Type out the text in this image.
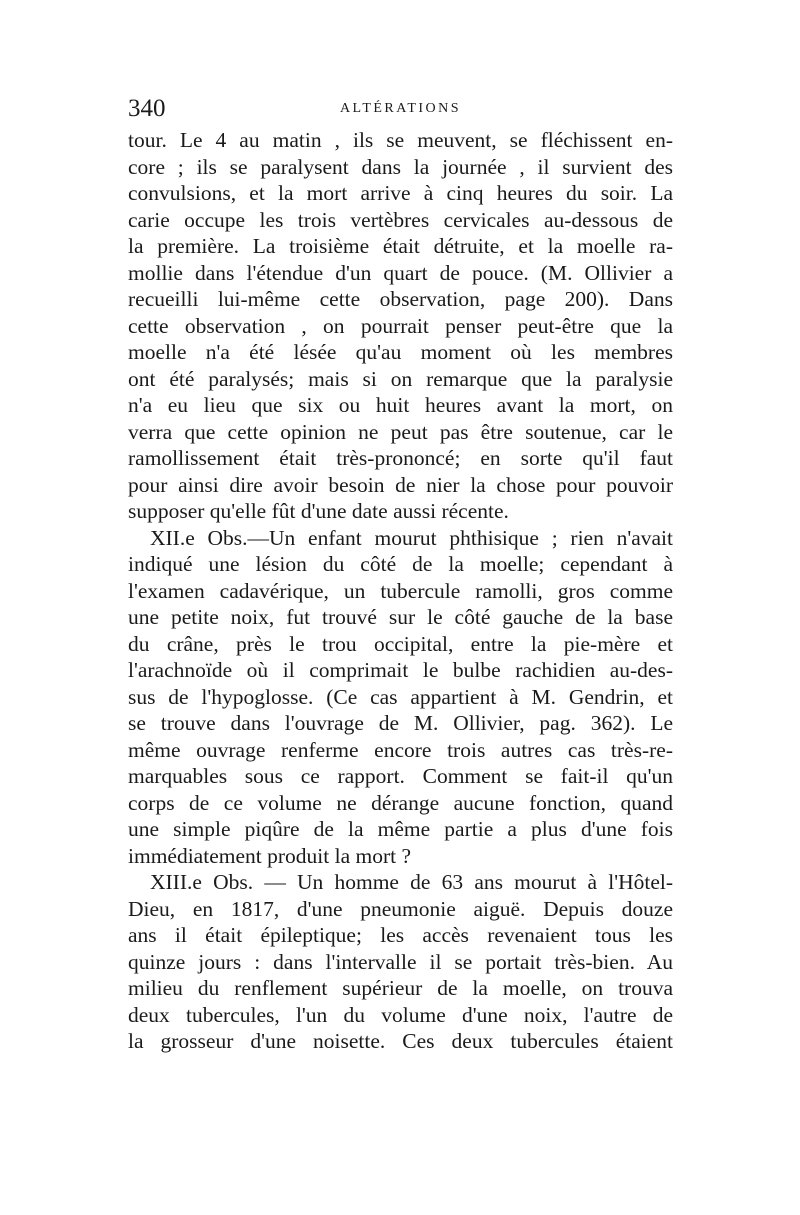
340	ALTÉRATIONS
tour. Le 4 au matin , ils se meuvent, se fléchissent en-
core ; ils se paralysent dans la journée , il survient des
convulsions, et la mort arrive à cinq heures du soir. La
carie occupe les trois vertèbres cervicales au-dessous de
la première. La troisième était détruite, et la moelle ra-
mollie dans l'étendue d'un quart de pouce. (M. Ollivier a
recueilli lui-même cette observation, page 200). Dans
cette observation , on pourrait penser peut-être que la
moelle n'a été lésée qu'au moment où les membres
ont été paralysés; mais si on remarque que la paralysie
n'a eu lieu que six ou huit heures avant la mort, on
verra que cette opinion ne peut pas être soutenue, car le
ramollissement était très-prononcé; en sorte qu'il faut
pour ainsi dire avoir besoin de nier la chose pour pouvoir
supposer qu'elle fût d'une date aussi récente.
XII.e Obs.—Un enfant mourut phthisique ; rien n'avait
indiqué une lésion du côté de la moelle; cependant à
l'examen cadavérique, un tubercule ramolli, gros comme
une petite noix, fut trouvé sur le côté gauche de la base
du crâne, près le trou occipital, entre la pie-mère et
l'arachnoïde où il comprimait le bulbe rachidien au-des-
sus de l'hypoglosse. (Ce cas appartient à M. Gendrin, et
se trouve dans l'ouvrage de M. Ollivier, pag. 362). Le
même ouvrage renferme encore trois autres cas très-re-
marquables sous ce rapport. Comment se fait-il qu'un
corps de ce volume ne dérange aucune fonction, quand
une simple piqûre de la même partie a plus d'une fois
immédiatement produit la mort ?
XIII.e Obs. — Un homme de 63 ans mourut à l'Hôtel-
Dieu, en 1817, d'une pneumonie aiguë. Depuis douze
ans il était épileptique; les accès revenaient tous les
quinze jours : dans l'intervalle il se portait très-bien. Au
milieu du renflement supérieur de la moelle, on trouva
deux tubercules, l'un du volume d'une noix, l'autre de
la grosseur d'une noisette. Ces deux tubercules étaient
